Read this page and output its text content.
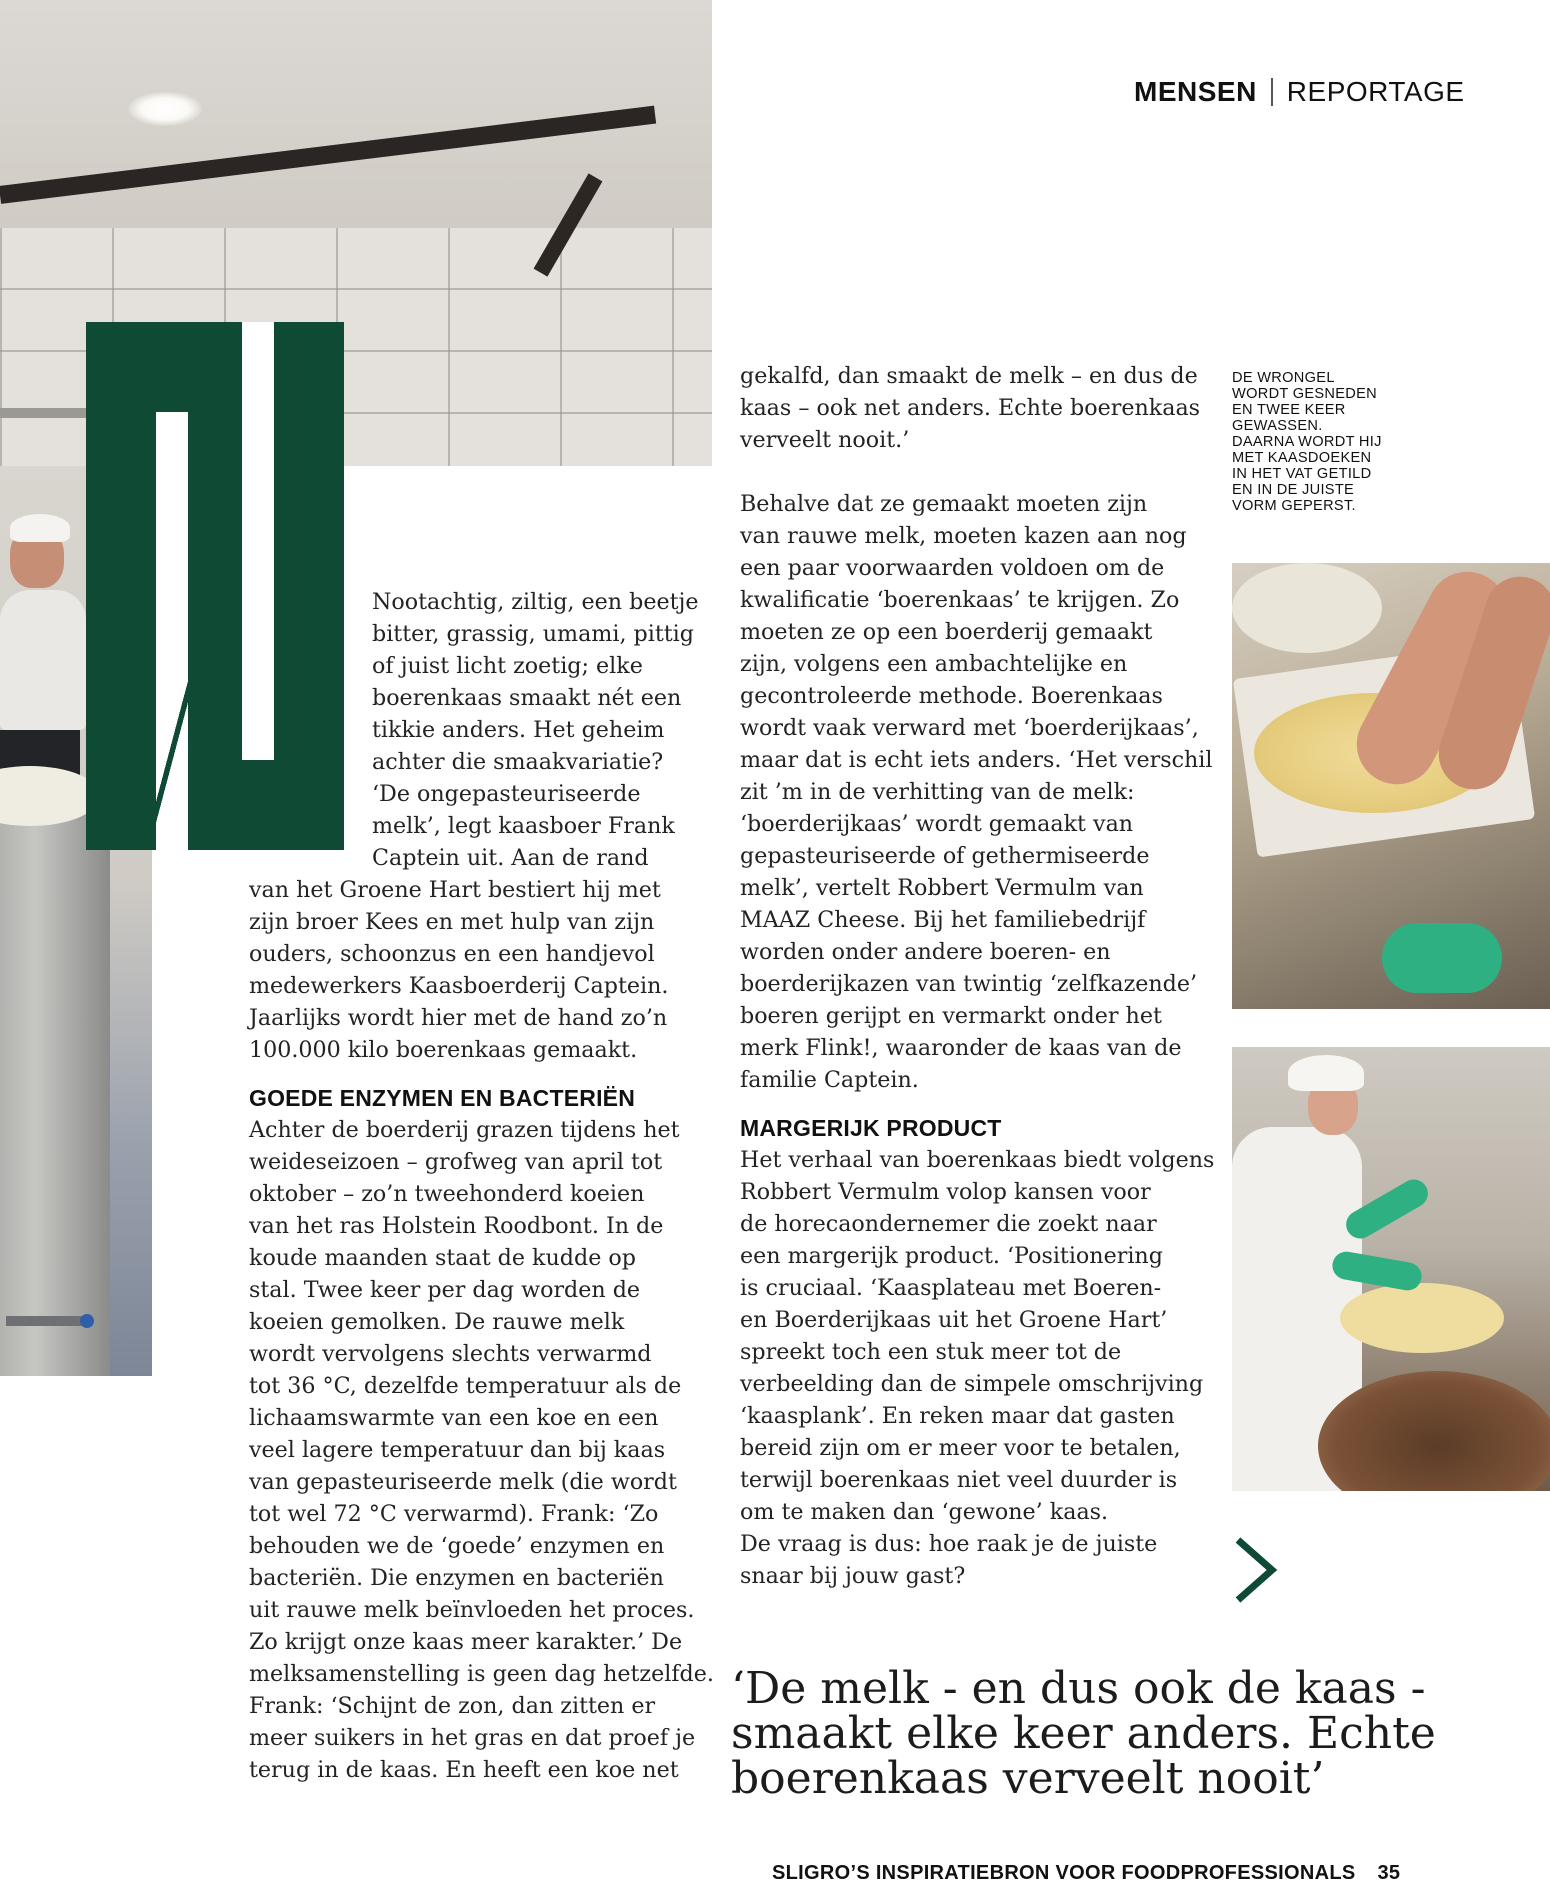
MENSEN REPORTAGE
Nootachtig, ziltig, een beetje
bitter, grassig, umami, pittig
of juist licht zoetig; elke
boerenkaas smaakt nét een
tikkie anders. Het geheim
achter die smaakvariatie?
‘De ongepasteuriseerde
melk’, legt kaasboer Frank
Captein uit. Aan de rand
van het Groene Hart bestiert hij met
zijn broer Kees en met hulp van zijn
ouders, schoonzus en een handjevol
medewerkers Kaasboerderij Captein.
Jaarlijks wordt hier met de hand zo’n
100.000 kilo boerenkaas gemaakt.
GOEDE ENZYMEN EN BACTERIËN
Achter de boerderij grazen tijdens het
weideseizoen – grofweg van april tot
oktober – zo’n tweehonderd koeien
van het ras Holstein Roodbont. In de
koude maanden staat de kudde op
stal. Twee keer per dag worden de
koeien gemolken. De rauwe melk
wordt vervolgens slechts verwarmd
tot 36 °C, dezelfde temperatuur als de
lichaamswarmte van een koe en een
veel lagere temperatuur dan bij kaas
van gepasteuriseerde melk (die wordt
tot wel 72 °C verwarmd). Frank: ‘Zo
behouden we de ‘goede’ enzymen en
bacteriën. Die enzymen en bacteriën
uit rauwe melk beïnvloeden het proces.
Zo krijgt onze kaas meer karakter.’ De
melksamenstelling is geen dag hetzelfde.
Frank: ‘Schijnt de zon, dan zitten er
meer suikers in het gras en dat proef je
terug in de kaas. En heeft een koe net
gekalfd, dan smaakt de melk – en dus de
kaas – ook net anders. Echte boerenkaas
verveelt nooit.’
Behalve dat ze gemaakt moeten zijn
van rauwe melk, moeten kazen aan nog
een paar voorwaarden voldoen om de
kwalificatie ‘boerenkaas’ te krijgen. Zo
moeten ze op een boerderij gemaakt
zijn, volgens een ambachtelijke en
gecontroleerde methode. Boerenkaas
wordt vaak verward met ‘boerderijkaas’,
maar dat is echt iets anders. ‘Het verschil
zit ’m in de verhitting van de melk:
‘boerderijkaas’ wordt gemaakt van
gepasteuriseerde of gethermiseerde
melk’, vertelt Robbert Vermulm van
MAAZ Cheese. Bij het familiebedrijf
worden onder andere boeren- en
boerderijkazen van twintig ‘zelfkazende’
boeren gerijpt en vermarkt onder het
merk Flink!, waaronder de kaas van de
familie Captein.
MARGERIJK PRODUCT
Het verhaal van boerenkaas biedt volgens
Robbert Vermulm volop kansen voor
de horecaondernemer die zoekt naar
een margerijk product. ‘Positionering
is cruciaal. ‘Kaasplateau met Boeren-
en Boerderijkaas uit het Groene Hart’
spreekt toch een stuk meer tot de
verbeelding dan de simpele omschrijving
‘kaasplank’. En reken maar dat gasten
bereid zijn om er meer voor te betalen,
terwijl boerenkaas niet veel duurder is
om te maken dan ‘gewone’ kaas.
De vraag is dus: hoe raak je de juiste
snaar bij jouw gast?
DE WRONGEL
WORDT GESNEDEN
EN TWEE KEER
GEWASSEN.
DAARNA WORDT HIJ
MET KAASDOEKEN
IN HET VAT GETILD
EN IN DE JUISTE
VORM GEPERST.
‘De melk - en dus ook de kaas -
smaakt elke keer anders. Echte
boerenkaas verveelt nooit’
SLIGRO’S INSPIRATIEBRON VOOR FOODPROFESSIONALS 35
